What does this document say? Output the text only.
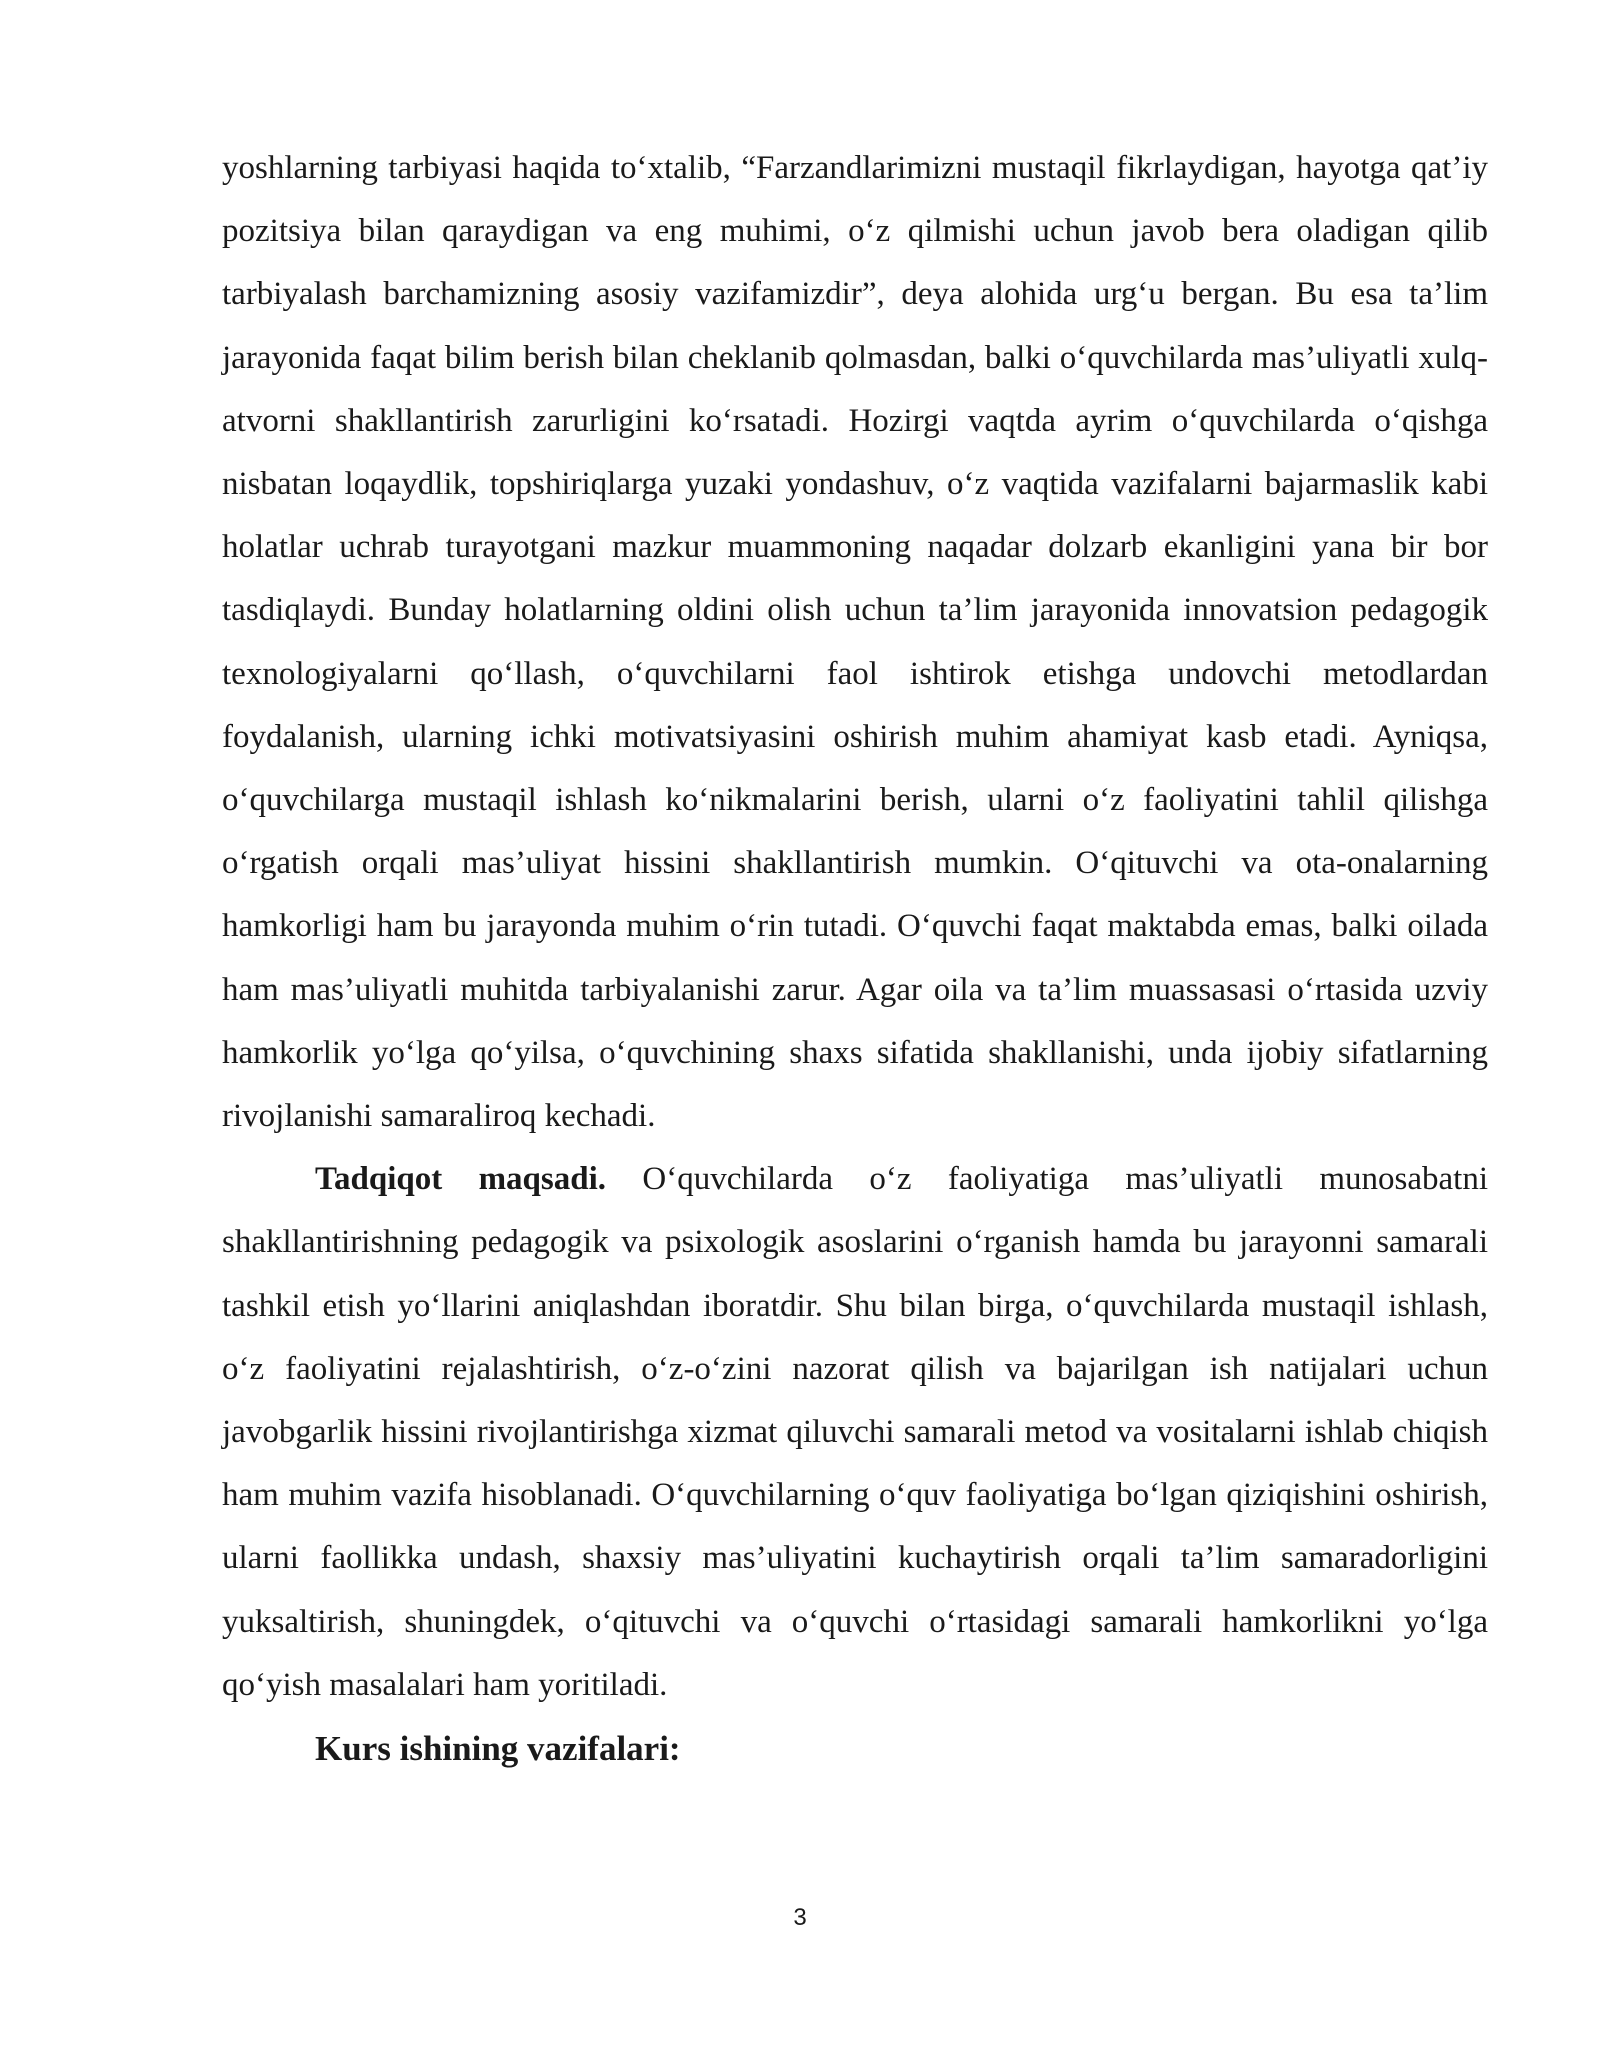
yoshlarning tarbiyasi haqida to‘xtalib, “Farzandlarimizni mustaqil fikrlaydigan, hayotga qat’iy pozitsiya bilan qaraydigan va eng muhimi, o‘z qilmishi uchun javob bera oladigan qilib tarbiyalash barchamizning asosiy vazifamizdir”, deya alohida urg‘u bergan. Bu esa ta’lim jarayonida faqat bilim berish bilan cheklanib qolmasdan, balki o‘quvchilarda mas’uliyatli xulq-atvorni shakllantirish zarurligini ko‘rsatadi. Hozirgi vaqtda ayrim o‘quvchilarda o‘qishga nisbatan loqaydlik, topshiriqlarga yuzaki yondashuv, o‘z vaqtida vazifalarni bajarmaslik kabi holatlar uchrab turayotgani mazkur muammoning naqadar dolzarb ekanligini yana bir bor tasdiqlaydi. Bunday holatlarning oldini olish uchun ta’lim jarayonida innovatsion pedagogik texnologiyalarni qo‘llash, o‘quvchilarni faol ishtirok etishga undovchi metodlardan foydalanish, ularning ichki motivatsiyasini oshirish muhim ahamiyat kasb etadi. Ayniqsa, o‘quvchilarga mustaqil ishlash ko‘nikmalarini berish, ularni o‘z faoliyatini tahlil qilishga o‘rgatish orqali mas’uliyat hissini shakllantirish mumkin. O‘qituvchi va ota-onalarning hamkorligi ham bu jarayonda muhim o‘rin tutadi. O‘quvchi faqat maktabda emas, balki oilada ham mas’uliyatli muhitda tarbiyalanishi zarur. Agar oila va ta’lim muassasasi o‘rtasida uzviy hamkorlik yo‘lga qo‘yilsa, o‘quvchining shaxs sifatida shakllanishi, unda ijobiy sifatlarning rivojlanishi samaraliroq kechadi.

Tadqiqot maqsadi. O‘quvchilarda o‘z faoliyatiga mas’uliyatli munosabatni shakllantirishning pedagogik va psixologik asoslarini o‘rganish hamda bu jarayonni samarali tashkil etish yo‘llarini aniqlashdan iboratdir. Shu bilan birga, o‘quvchilarda mustaqil ishlash, o‘z faoliyatini rejalashtirish, o‘z-o‘zini nazorat qilish va bajarilgan ish natijalari uchun javobgarlik hissini rivojlantirishga xizmat qiluvchi samarali metod va vositalarni ishlab chiqish ham muhim vazifa hisoblanadi. O‘quvchilarning o‘quv faoliyatiga bo‘lgan qiziqishini oshirish, ularni faollikka undash, shaxsiy mas’uliyatini kuchaytirish orqali ta’lim samaradorligini yuksaltirish, shuningdek, o‘qituvchi va o‘quvchi o‘rtasidagi samarali hamkorlikni yo‘lga qo‘yish masalalari ham yoritiladi.

Kurs ishining vazifalari:

3
